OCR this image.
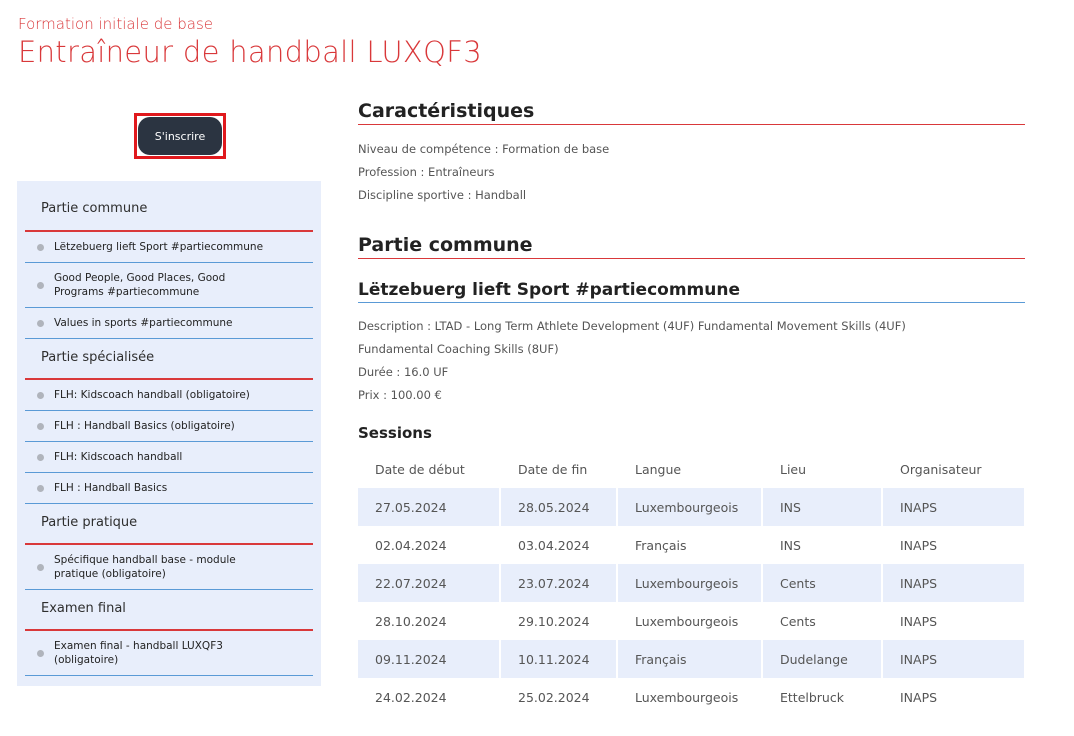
Formation initiale de base
Entraîneur de handball LUXQF3
S'inscrire
Partie commune
Lëtzebuerg lieft Sport #partiecommune
Good People, Good Places, Good Programs #partiecommune
Values in sports #partiecommune
Partie spécialisée
FLH: Kidscoach handball (obligatoire)
FLH : Handball Basics (obligatoire)
FLH: Kidscoach handball
FLH : Handball Basics
Partie pratique
Spécifique handball base - module pratique (obligatoire)
Examen final
Examen final - handball LUXQF3 (obligatoire)
Caractéristiques
Niveau de compétence : Formation de base
Profession : Entraîneurs
Discipline sportive : Handball
Partie commune
Lëtzebuerg lieft Sport #partiecommune
Description : LTAD - Long Term Athlete Development (4UF) Fundamental Movement Skills (4UF)
Fundamental Coaching Skills (8UF)
Durée : 16.0 UF
Prix : 100.00 €
Sessions
Date de début	Date de fin	Langue	Lieu	Organisateur
27.05.2024	28.05.2024	Luxembourgeois	INS	INAPS
02.04.2024	03.04.2024	Français	INS	INAPS
22.07.2024	23.07.2024	Luxembourgeois	Cents	INAPS
28.10.2024	29.10.2024	Luxembourgeois	Cents	INAPS
09.11.2024	10.11.2024	Français	Dudelange	INAPS
24.02.2024	25.02.2024	Luxembourgeois	Ettelbruck	INAPS
